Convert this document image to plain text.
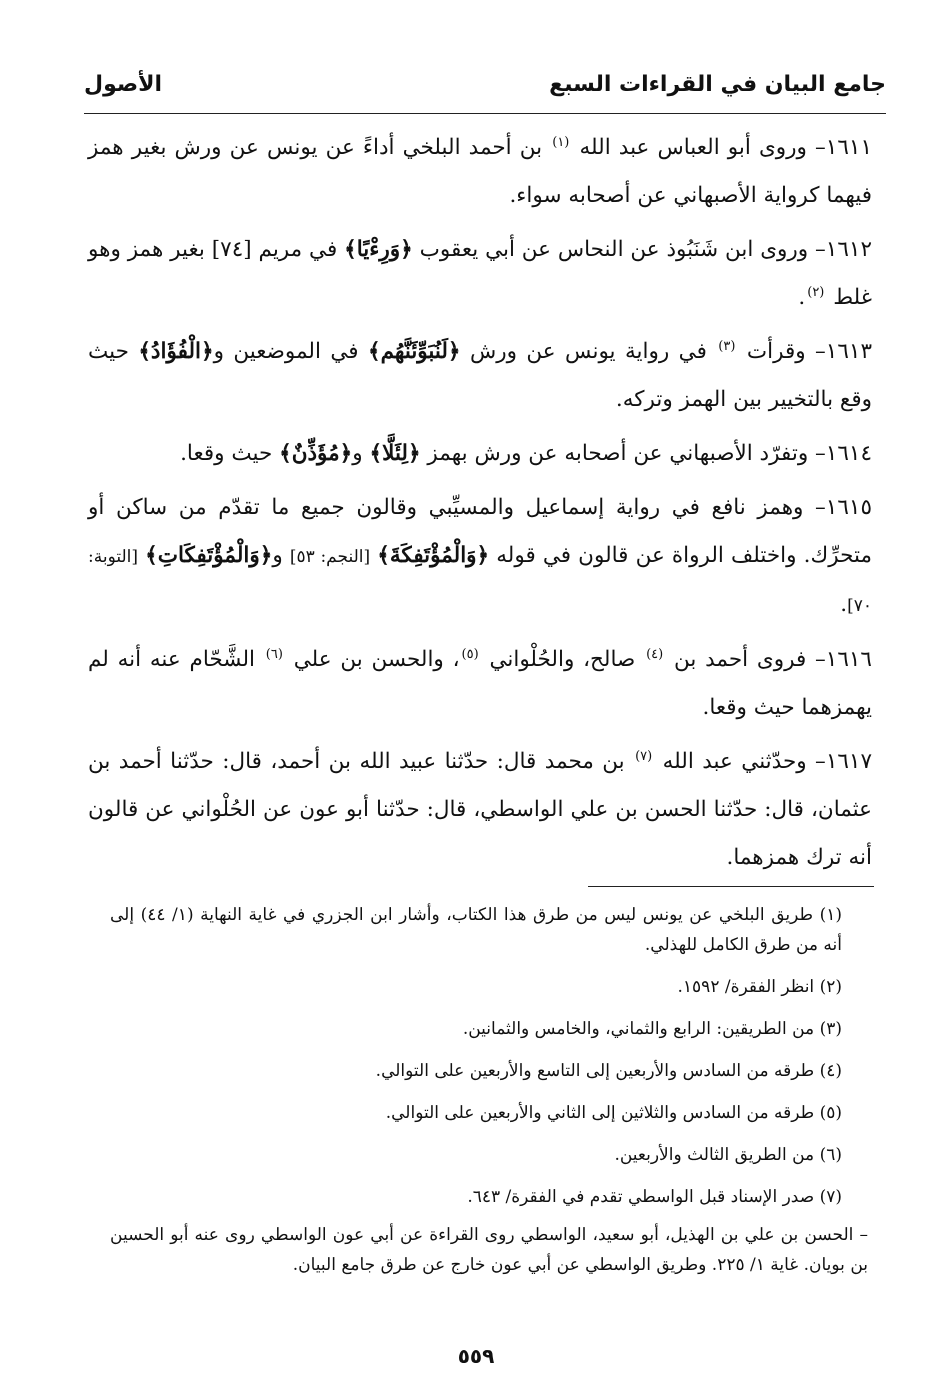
جامع البيان في القراءات السبع
الأصول

١٦١١– وروى أبو العباس عبد الله $^{(١)}$ بن أحمد البلخي أداءً عن يونس عن ورش بغير همز فيهما كرواية الأصبهاني عن أصحابه سواء.

١٦١٢– وروى ابن شَنَبُوذ عن النحاس عن أبي يعقوب ﴿وَرِءْيًا﴾ في مريم [٧٤] بغير همز وهو غلط $^{(٢)}$.

١٦١٣– وقرأت $^{(٣)}$ في رواية يونس عن ورش ﴿لَنُبَوِّئَنَّهُم﴾ في الموضعين و﴿الْفُؤَادُ﴾ حيث وقع بالتخيير بين الهمز وتركه.

١٦١٤– وتفرّد الأصبهاني عن أصحابه عن ورش بهمز ﴿لِئَلَّا﴾ و﴿مُؤَذِّنٌ﴾ حيث وقعا.

١٦١٥– وهمز نافع في رواية إسماعيل والمسيِّبي وقالون جميع ما تقدّم من ساكن أو متحرِّك. واختلف الرواة عن قالون في قوله ﴿وَالْمُؤْتَفِكَةَ﴾ [النجم: ٥٣] و﴿وَالْمُؤْتَفِكَاتِ﴾ [التوبة: ٧٠].

١٦١٦– فروى أحمد بن $^{(٤)}$ صالح، والحُلْواني $^{(٥)}$، والحسن بن علي $^{(٦)}$ الشَّحّام عنه أنه لم يهمزهما حيث وقعا.

١٦١٧– وحدّثني عبد الله $^{(٧)}$ بن محمد قال: حدّثنا عبيد الله بن أحمد، قال: حدّثنا أحمد بن عثمان، قال: حدّثنا الحسن بن علي الواسطي، قال: حدّثنا أبو عون عن الحُلْواني عن قالون أنه ترك همزهما.

(١) طريق البلخي عن يونس ليس من طرق هذا الكتاب، وأشار ابن الجزري في غاية النهاية (١/ ٤٤) إلى أنه من طرق الكامل للهذلي.

(٢) انظر الفقرة/ ١٥٩٢.

(٣) من الطريقين: الرابع والثماني، والخامس والثمانين.

(٤) طرقه من السادس والأربعين إلى التاسع والأربعين على التوالي.

(٥) طرقه من السادس والثلاثين إلى الثاني والأربعين على التوالي.

(٦) من الطريق الثالث والأربعين.

(٧) صدر الإسناد قبل الواسطي تقدم في الفقرة/ ٦٤٣.

– الحسن بن علي بن الهذيل، أبو سعيد، الواسطي روى القراءة عن أبي عون الواسطي روى عنه أبو الحسين بن بويان. غاية ١/ ٢٢٥. وطريق الواسطي عن أبي عون خارج عن طرق جامع البيان.

٥٥٩
